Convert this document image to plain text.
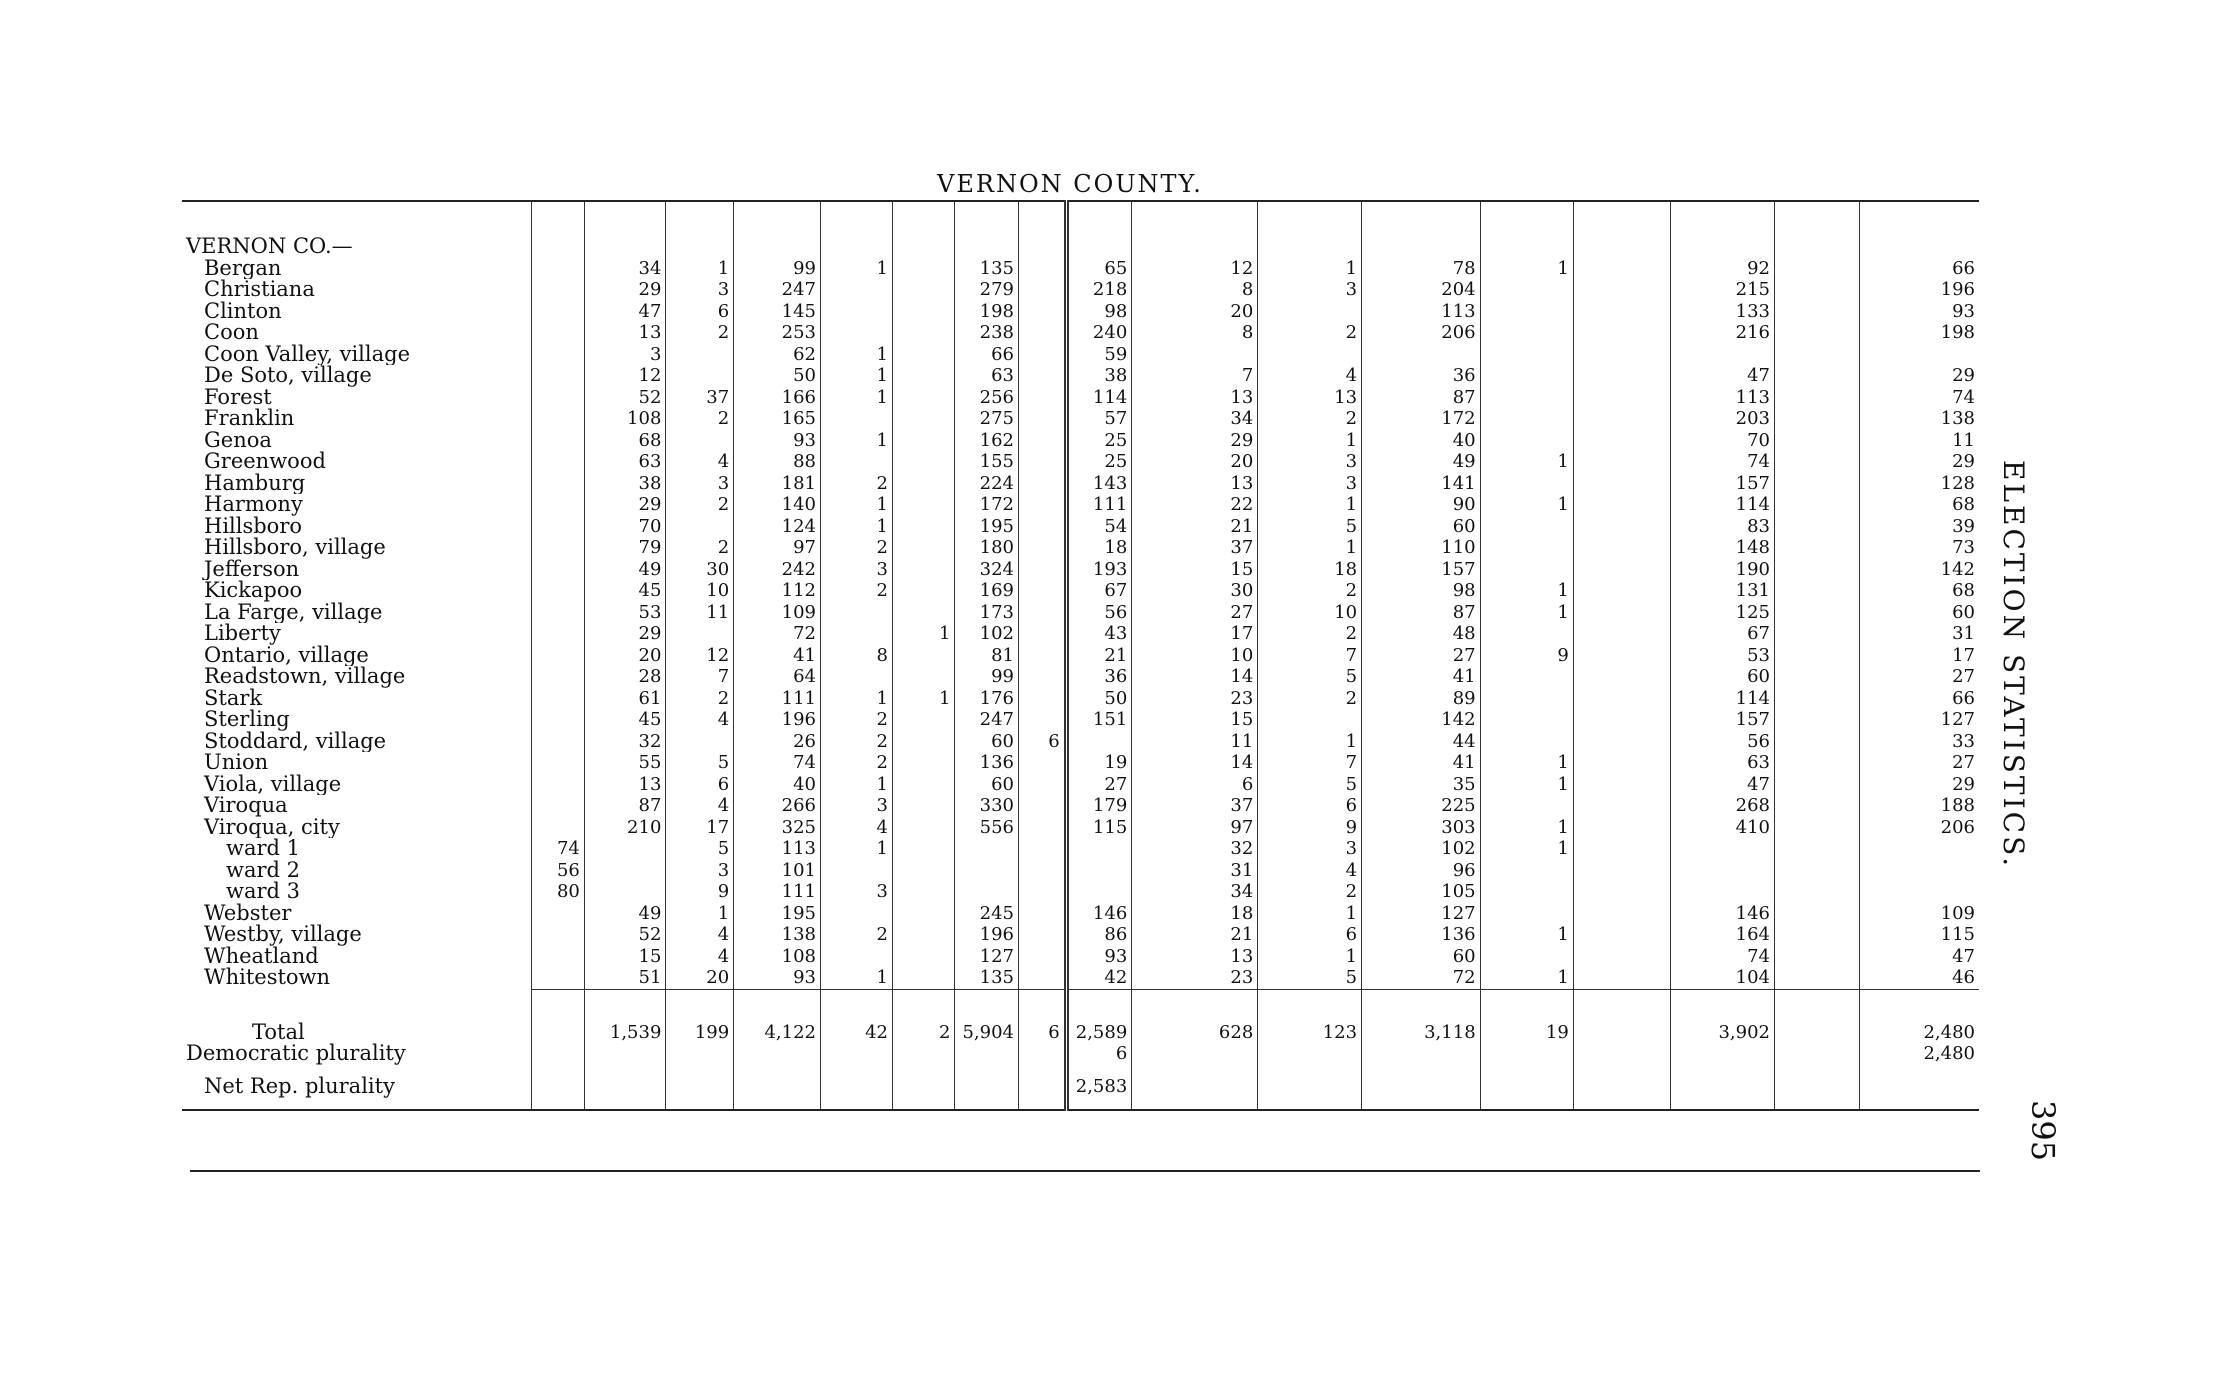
VERNON COUNTY.

VERNON CO.—																	
Bergan		34	1	99	1		135		65	12	1	78	1		92		66
Christiana		29	3	247			279		218	8	3	204			215		196
Clinton		47	6	145			198		98	20		113			133		93
Coon		13	2	253			238		240	8	2	206			216		198
Coon Valley, village		3		62	1		66		59								
De Soto, village		12		50	1		63		38	7	4	36			47		29
Forest		52	37	166	1		256		114	13	13	87			113		74
Franklin		108	2	165			275		57	34	2	172			203		138
Genoa		68		93	1		162		25	29	1	40			70		11
Greenwood		63	4	88			155		25	20	3	49	1		74		29
Hamburg		38	3	181	2		224		143	13	3	141			157		128
Harmony		29	2	140	1		172		111	22	1	90	1		114		68
Hillsboro		70		124	1		195		54	21	5	60			83		39
Hillsboro, village		79	2	97	2		180		18	37	1	110			148		73
Jefferson		49	30	242	3		324		193	15	18	157			190		142
Kickapoo		45	10	112	2		169		67	30	2	98	1		131		68
La Farge, village		53	11	109			173		56	27	10	87	1		125		60
Liberty		29		72		1	102		43	17	2	48			67		31
Ontario, village		20	12	41	8		81		21	10	7	27	9		53		17
Readstown, village		28	7	64			99		36	14	5	41			60		27
Stark		61	2	111	1	1	176		50	23	2	89			114		66
Sterling		45	4	196	2		247		151	15		142			157		127
Stoddard, village		32		26	2		60	6		11	1	44			56		33
Union		55	5	74	2		136		19	14	7	41	1		63		27
Viola, village		13	6	40	1		60		27	6	5	35	1		47		29
Viroqua		87	4	266	3		330		179	37	6	225			268		188
Viroqua, city		210	17	325	4		556		115	97	9	303	1		410		206
ward 1	74		5	113	1					32	3	102	1				
ward 2	56		3	101						31	4	96					
ward 3	80		9	111	3					34	2	105					
Webster		49	1	195			245		146	18	1	127			146		109
Westby, village		52	4	138	2		196		86	21	6	136	1		164		115
Wheatland		15	4	108			127		93	13	1	60			74		47
Whitestown		51	20	93	1		135		42	23	5	72	1		104		46

Total		1,539	199	4,122	42	2	5,904	6	2,589	628	123	3,118	19		3,902		2,480
Democratic plurality									6								2,480
Net Rep. plurality									2,583								
ELECTION STATISTICS.
395
